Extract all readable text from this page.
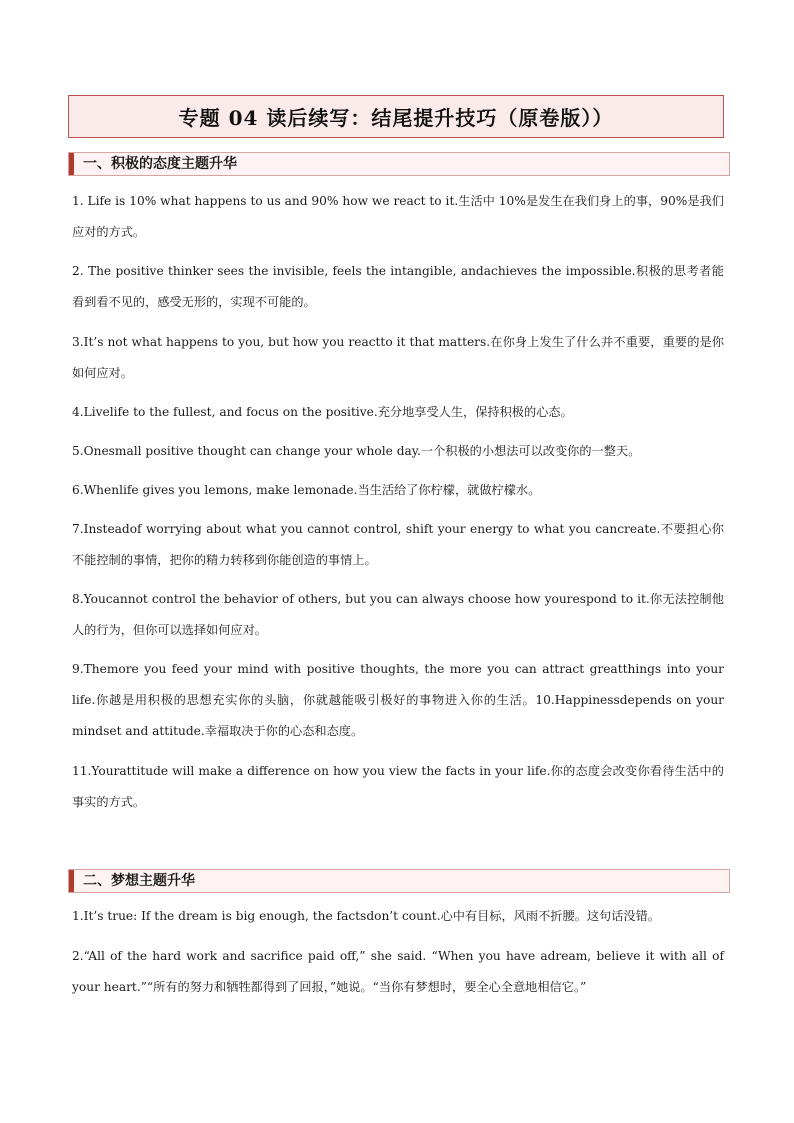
专题 04 读后续写：结尾提升技巧（原卷版））
一、积极的态度主题升华

1. Life is 10% what happens to us and 90% how we react to it.生活中 10%是发生在我们身上的事，90%是我们应对的方式。

2. The positive thinker sees the invisible, feels the intangible, andachieves the impossible.积极的思考者能看到看不见的，感受无形的，实现不可能的。

3.It’s not what happens to you, but how you reactto it that matters.在你身上发生了什么并不重要，重要的是你如何应对。

4.Livelife to the fullest, and focus on the positive.充分地享受人生，保持积极的心态。

5.Onesmall positive thought can change your whole day.一个积极的小想法可以改变你的一整天。

6.Whenlife gives you lemons, make lemonade.当生活给了你柠檬，就做柠檬水。

7.Insteadof worrying about what you cannot control, shift your energy to what you cancreate.不要担心你不能控制的事情，把你的精力转移到你能创造的事情上。

8.Youcannot control the behavior of others, but you can always choose how yourespond to it.你无法控制他人的行为，但你可以选择如何应对。

9.Themore you feed your mind with positive thoughts, the more you can attract greatthings into your life.你越是用积极的思想充实你的头脑，你就越能吸引极好的事物进入你的生活。10.Happinessdepends on your mindset and attitude.幸福取决于你的心态和态度。

11.Yourattitude will make a difference on how you view the facts in your life.你的态度会改变你看待生活中的事实的方式。

二、梦想主题升华

1.It’s true: If the dream is big enough, the factsdon’t count.心中有目标，风雨不折腰。这句话没错。

2.“All of the hard work and sacrifice paid off,” she said. “When you have adream, believe it with all of your heart.”“所有的努力和牺牲都得到了回报，”她说。“当你有梦想时，要全心全意地相信它。”
